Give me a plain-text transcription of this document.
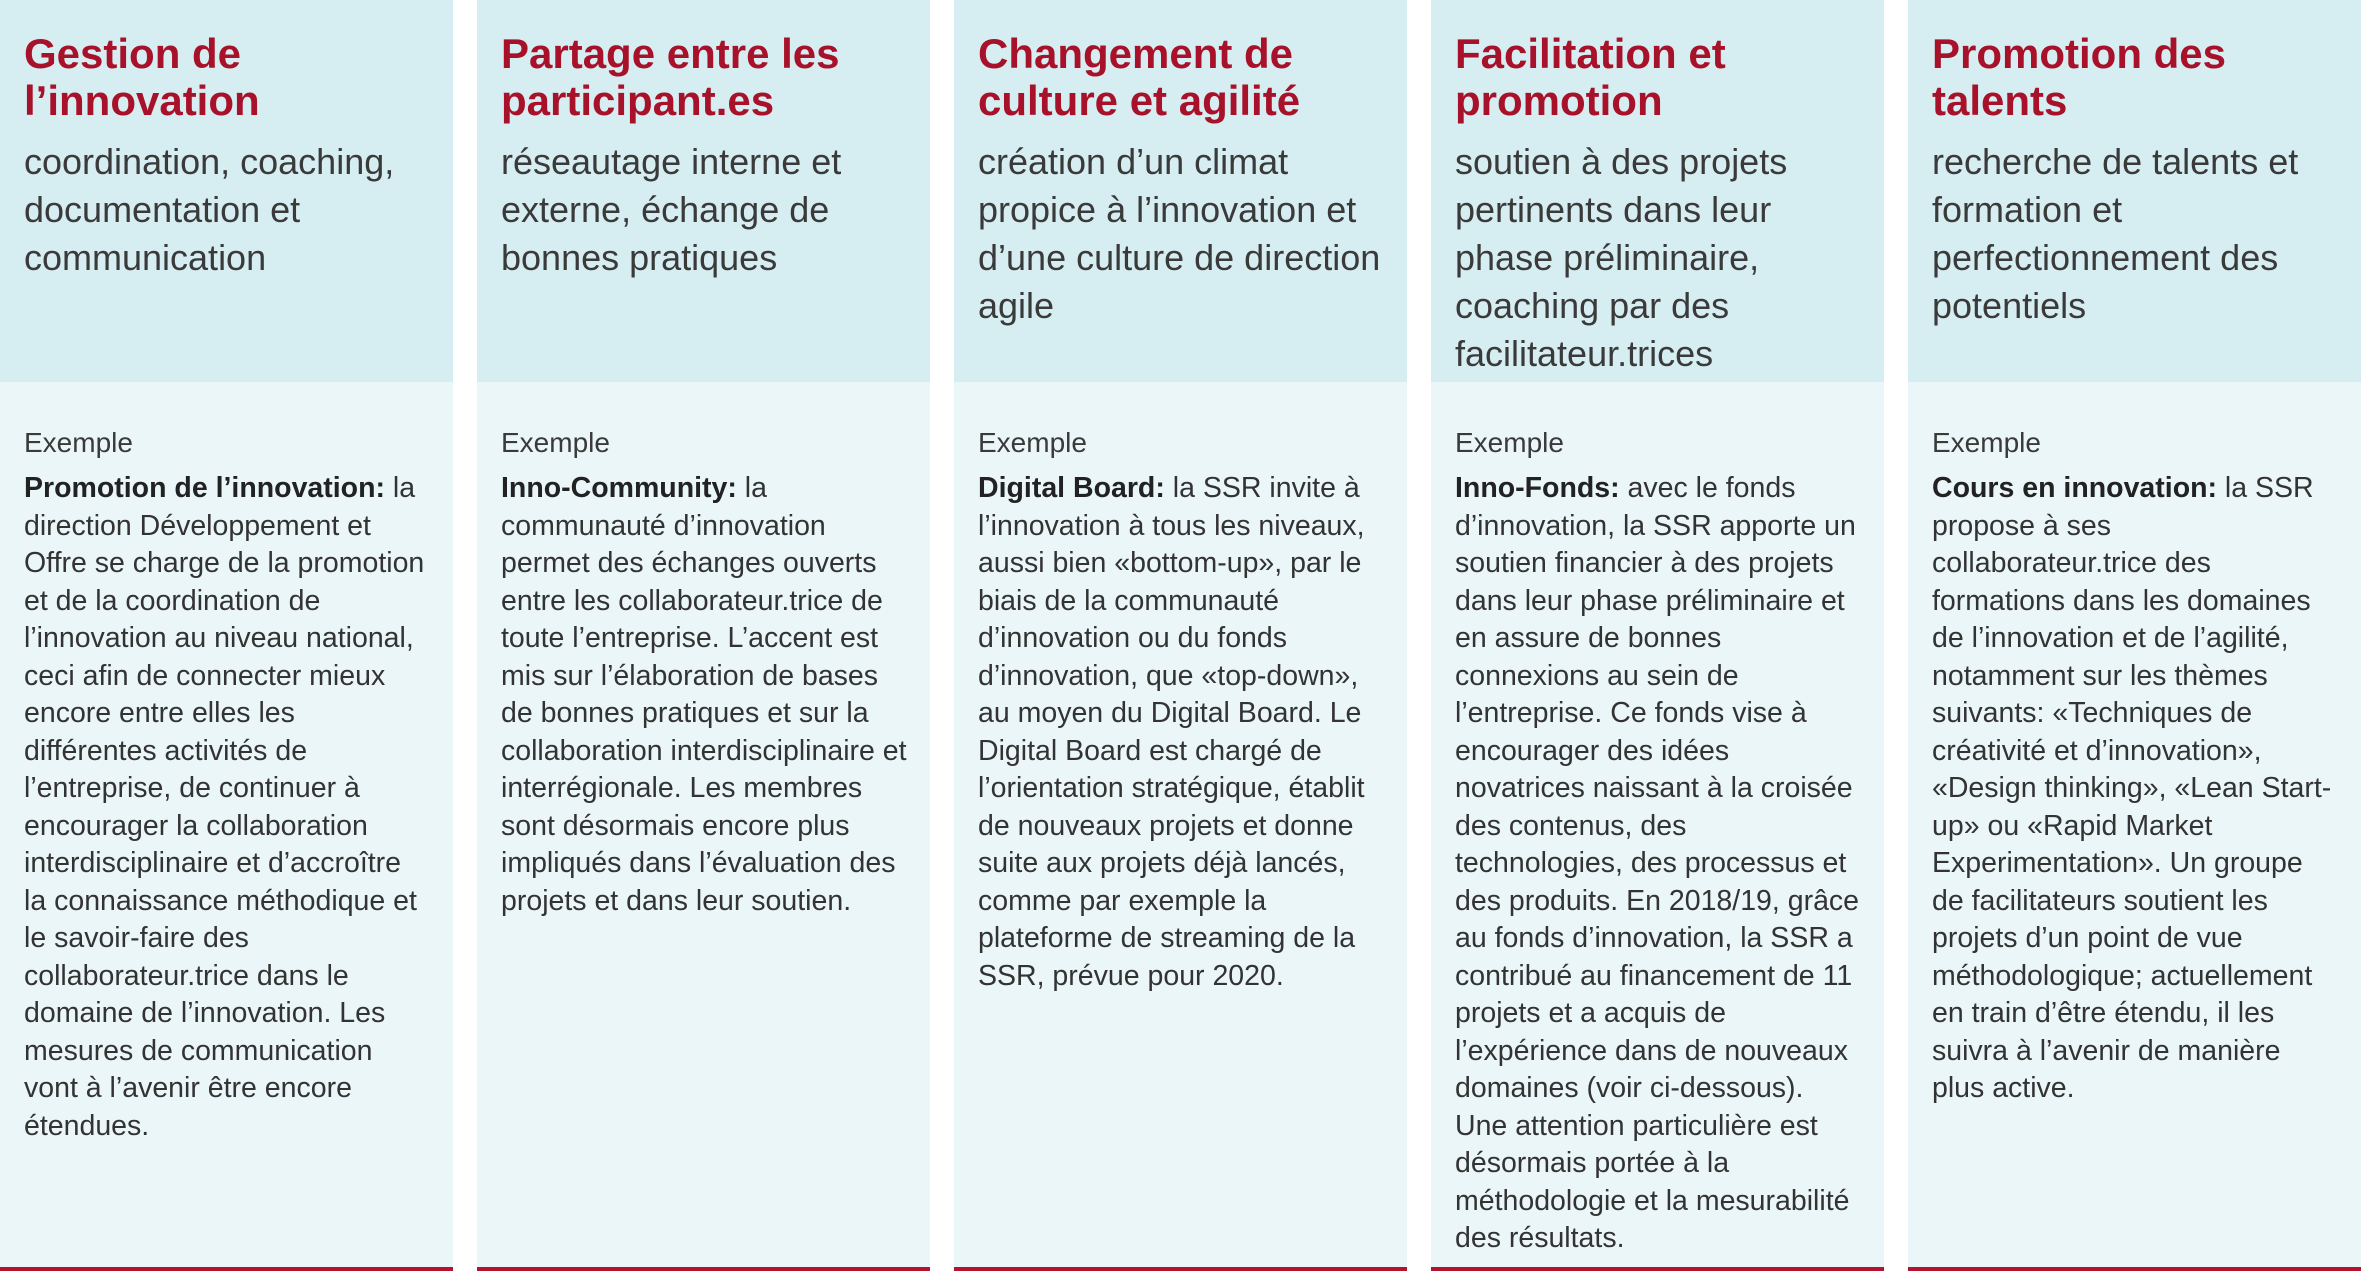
Gestion de l’innovation

coordination, coaching, documentation et communication

Exemple

Promotion de l’innovation: la direction Développement et Offre se charge de la promotion et de la coordination de l’innovation au niveau national, ceci afin de connecter mieux encore entre elles les différentes activités de l’entreprise, de continuer à encourager la collaboration interdisciplinaire et d’accroître la connaissance méthodique et le savoir-faire des collaborateur.trice dans le domaine de l’innovation. Les mesures de communication vont à l’avenir être encore étendues.

Partage entre les participant.es

réseautage interne et externe, échange de bonnes pratiques

Exemple

Inno-Community: la communauté d’innovation permet des échanges ouverts entre les collaborateur.trice de toute l’entreprise. L’accent est mis sur l’élaboration de bases de bonnes pratiques et sur la collaboration interdisciplinaire et interrégionale. Les membres sont désormais encore plus impliqués dans l’évaluation des projets et dans leur soutien.

Changement de culture et agilité

création d’un climat propice à l’innovation et d’une culture de direction agile

Exemple

Digital Board: la SSR invite à l’innovation à tous les niveaux, aussi bien «bottom-up», par le biais de la communauté d’innovation ou du fonds d’innovation, que «top-down», au moyen du Digital Board. Le Digital Board est chargé de l’orientation stratégique, établit de nouveaux projets et donne suite aux projets déjà lancés, comme par exemple la plateforme de streaming de la SSR, prévue pour 2020.

Facilitation et promotion

soutien à des projets pertinents dans leur phase préliminaire, coaching par des facilitateur.trices

Exemple

Inno-Fonds: avec le fonds d’innovation, la SSR apporte un soutien financier à des projets dans leur phase préliminaire et en assure de bonnes connexions au sein de l’entreprise. Ce fonds vise à encourager des idées novatrices naissant à la croisée des contenus, des technologies, des processus et des produits. En 2018/19, grâce au fonds d’innovation, la SSR a contribué au financement de 11 projets et a acquis de l’expérience dans de nouveaux domaines (voir ci-dessous). Une attention particulière est désormais portée à la méthodologie et la mesurabilité des résultats.

Promotion des talents

recherche de talents et formation et perfectionnement des potentiels

Exemple

Cours en innovation: la SSR propose à ses collaborateur.trice des formations dans les domaines de l’innovation et de l’agilité, notamment sur les thèmes suivants: «Techniques de créativité et d’innovation», «Design thinking», «Lean Start-up» ou «Rapid Market Experimentation». Un groupe de facilitateurs soutient les projets d’un point de vue méthodologique; actuellement en train d’être étendu, il les suivra à l’avenir de manière plus active.
